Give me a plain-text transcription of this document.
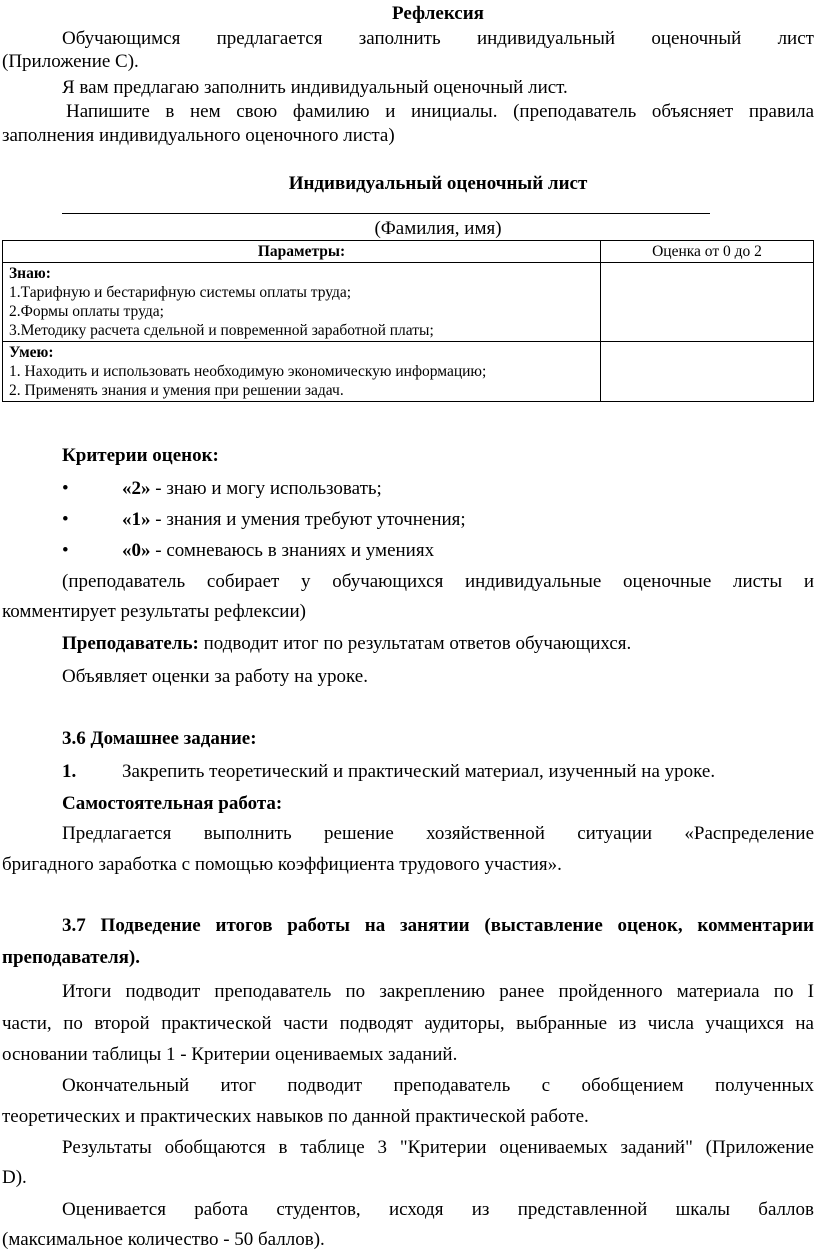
Рефлексия
Обучающимся предлагается заполнить индивидуальный оценочный лист
(Приложение С).
Я вам предлагаю заполнить индивидуальный оценочный лист.
Напишите в нем свою фамилию и инициалы. (преподаватель объясняет правила
заполнения индивидуального оценочного листа)
Индивидуальный оценочный лист
(Фамилия, имя)
Параметры:	Оценка от 0 до 2

Знаю:
1.Тарифную и бестарифную системы оплаты труда;
2.Формы оплаты труда;
3.Методику расчета сдельной и повременной заработной платы;	

Умею:
1. Находить и использовать необходимую экономическую информацию;
2. Применять знания и умения при решении задач.	

Критерии оценок:
•	«2» - знаю и могу использовать;
•	«1» - знания и умения требуют уточнения;
•	«0» - сомневаюсь в знаниях и умениях
(преподаватель собирает у обучающихся индивидуальные оценочные листы и
комментирует результаты рефлексии)
Преподаватель: подводит итог по результатам ответов обучающихся.
Объявляет оценки за работу на уроке.
3.6 Домашнее задание:
1. Закрепить теоретический и практический материал, изученный на уроке.
Самостоятельная работа:
Предлагается выполнить решение хозяйственной ситуации «Распределение
бригадного заработка с помощью коэффициента трудового участия».
3.7 Подведение итогов работы на занятии (выставление оценок, комментарии
преподавателя).
Итоги подводит преподаватель по закреплению ранее пройденного материала по I
части, по второй практической части подводят аудиторы, выбранные из числа учащихся на
основании таблицы 1 - Критерии оцениваемых заданий.
Окончательный итог подводит преподаватель с обобщением полученных
теоретических и практических навыков по данной практической работе.
Результаты обобщаются в таблице 3 "Критерии оцениваемых заданий" (Приложение
D).
Оценивается работа студентов, исходя из представленной шкалы баллов
(максимальное количество - 50 баллов).
